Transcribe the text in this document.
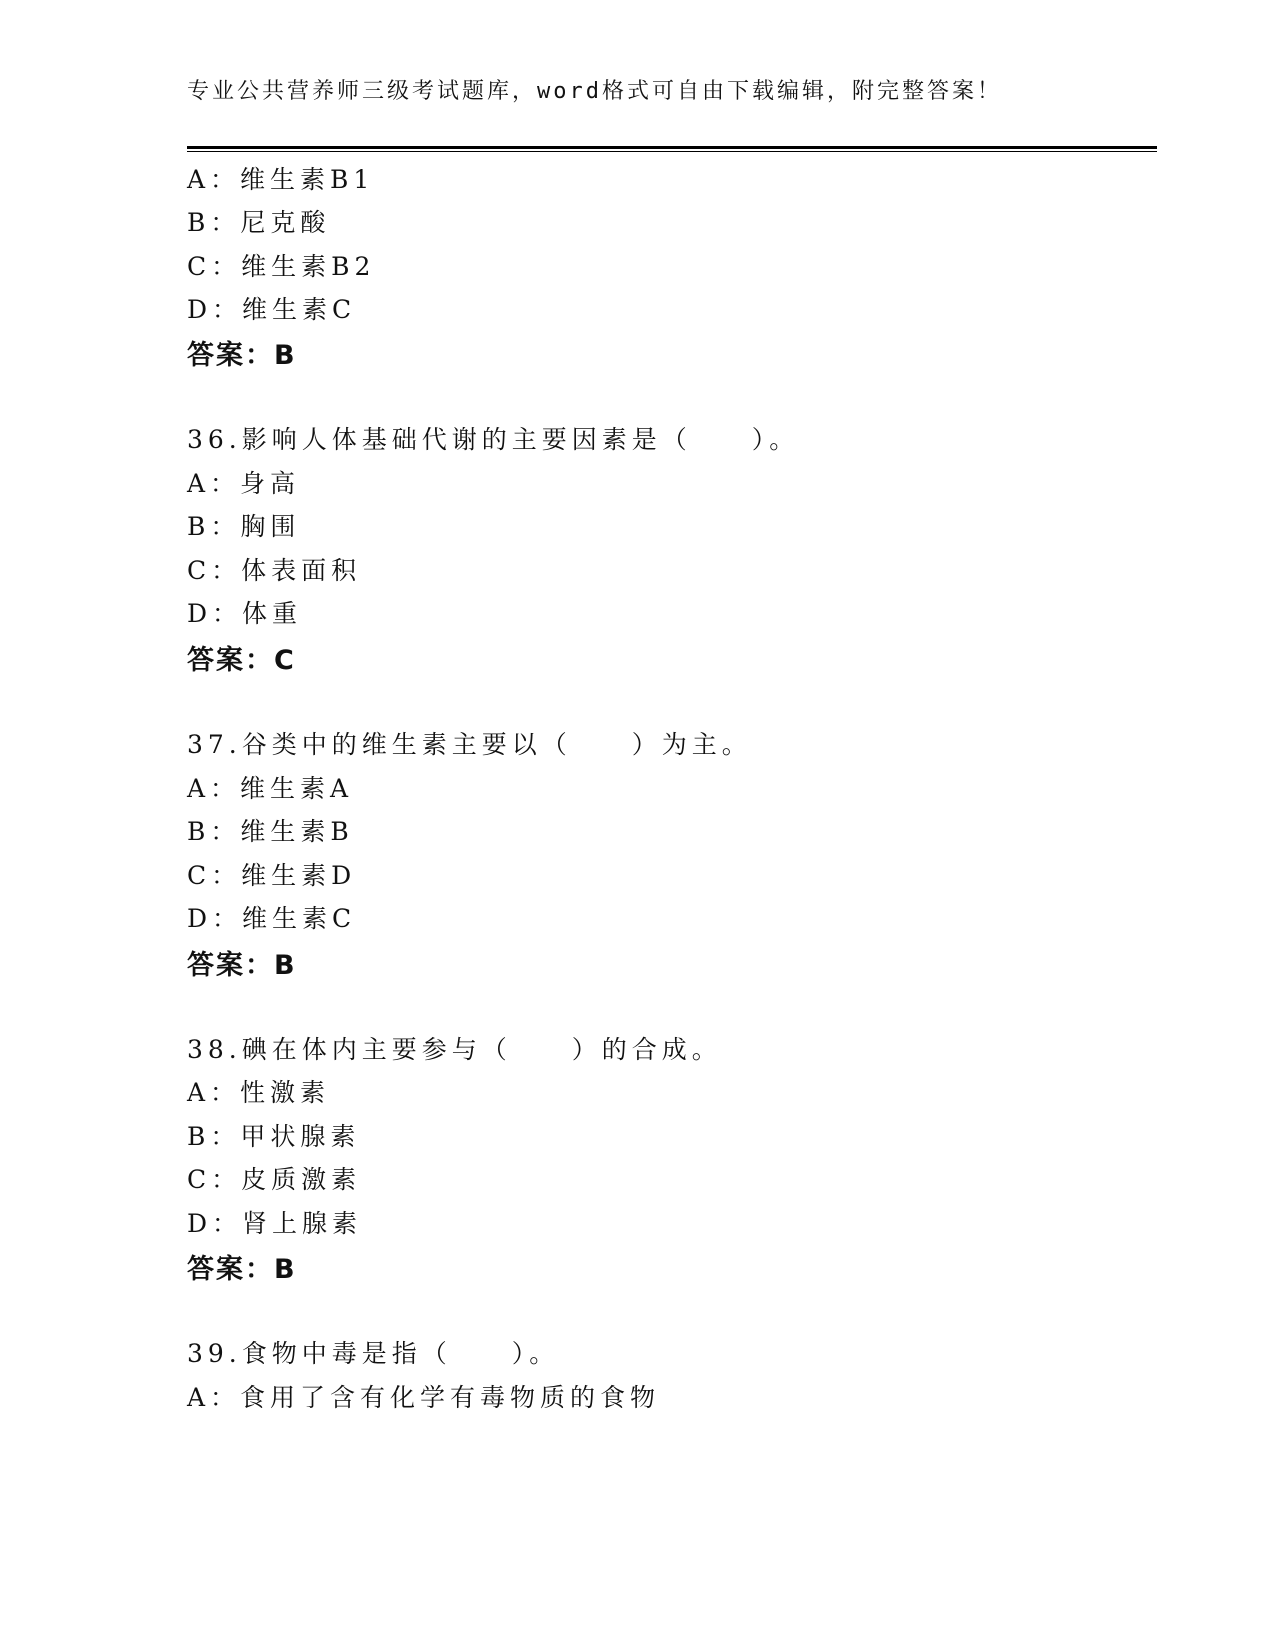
专业公共营养师三级考试题库，word格式可自由下载编辑，附完整答案！
A：维生素B1
B：尼克酸
C：维生素B2
D：维生素C
答案：B
36.影响人体基础代谢的主要因素是（　　）。
A：身高
B：胸围
C：体表面积
D：体重
答案：C
37.谷类中的维生素主要以（　　）为主。
A：维生素A
B：维生素B
C：维生素D
D：维生素C
答案：B
38.碘在体内主要参与（　　）的合成。
A：性激素
B：甲状腺素
C：皮质激素
D：肾上腺素
答案：B
39.食物中毒是指（　　）。
A：食用了含有化学有毒物质的食物
